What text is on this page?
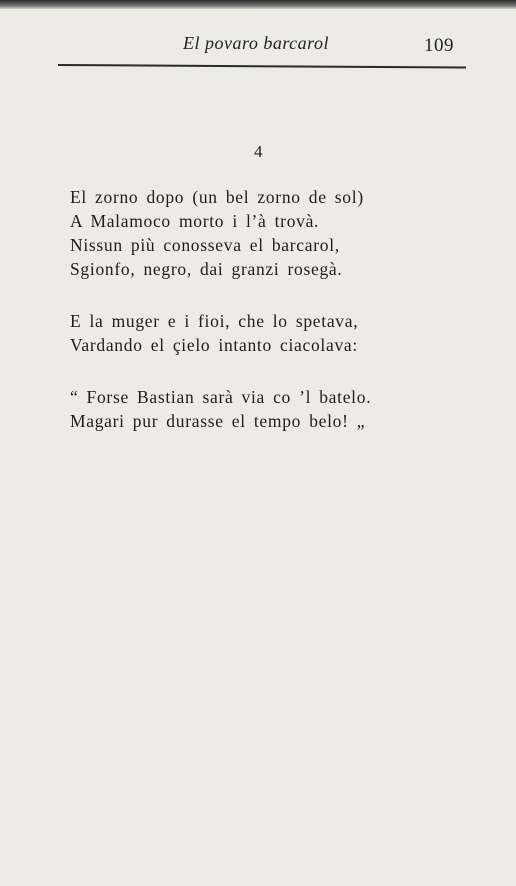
El povaro barcarol	109
4
El zorno dopo (un bel zorno de sol)
A Malamoco morto i l’à trovà.
Nissun più conosseva el barcarol,
Sgionfo, negro, dai granzi rosegà.
E la muger e i fioi, che lo spetava,
Vardando el çielo intanto ciacolava:
“ Forse Bastian sarà via co ’l batelo.
Magari pur durasse el tempo belo! „
